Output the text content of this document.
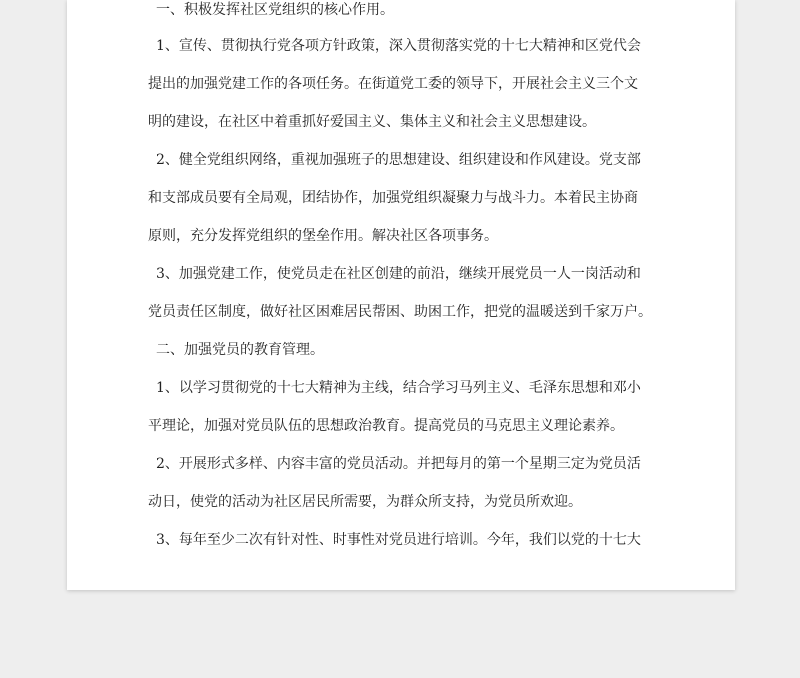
一、积极发挥社区党组织的核心作用。

1、宣传、贯彻执行党各项方针政策，深入贯彻落实党的十七大精神和区党代会

提出的加强党建工作的各项任务。在街道党工委的领导下，开展社会主义三个文

明的建设，在社区中着重抓好爱国主义、集体主义和社会主义思想建设。

2、健全党组织网络，重视加强班子的思想建设、组织建设和作风建设。党支部

和支部成员要有全局观，团结协作，加强党组织凝聚力与战斗力。本着民主协商

原则，充分发挥党组织的堡垒作用。解决社区各项事务。

3、加强党建工作，使党员走在社区创建的前沿，继续开展党员一人一岗活动和

党员责任区制度，做好社区困难居民帮困、助困工作，把党的温暖送到千家万户。

二、加强党员的教育管理。

1、以学习贯彻党的十七大精神为主线，结合学习马列主义、毛泽东思想和邓小

平理论，加强对党员队伍的思想政治教育。提高党员的马克思主义理论素养。

2、开展形式多样、内容丰富的党员活动。并把每月的第一个星期三定为党员活

动日，使党的活动为社区居民所需要，为群众所支持，为党员所欢迎。

3、每年至少二次有针对性、时事性对党员进行培训。今年，我们以党的十七大
